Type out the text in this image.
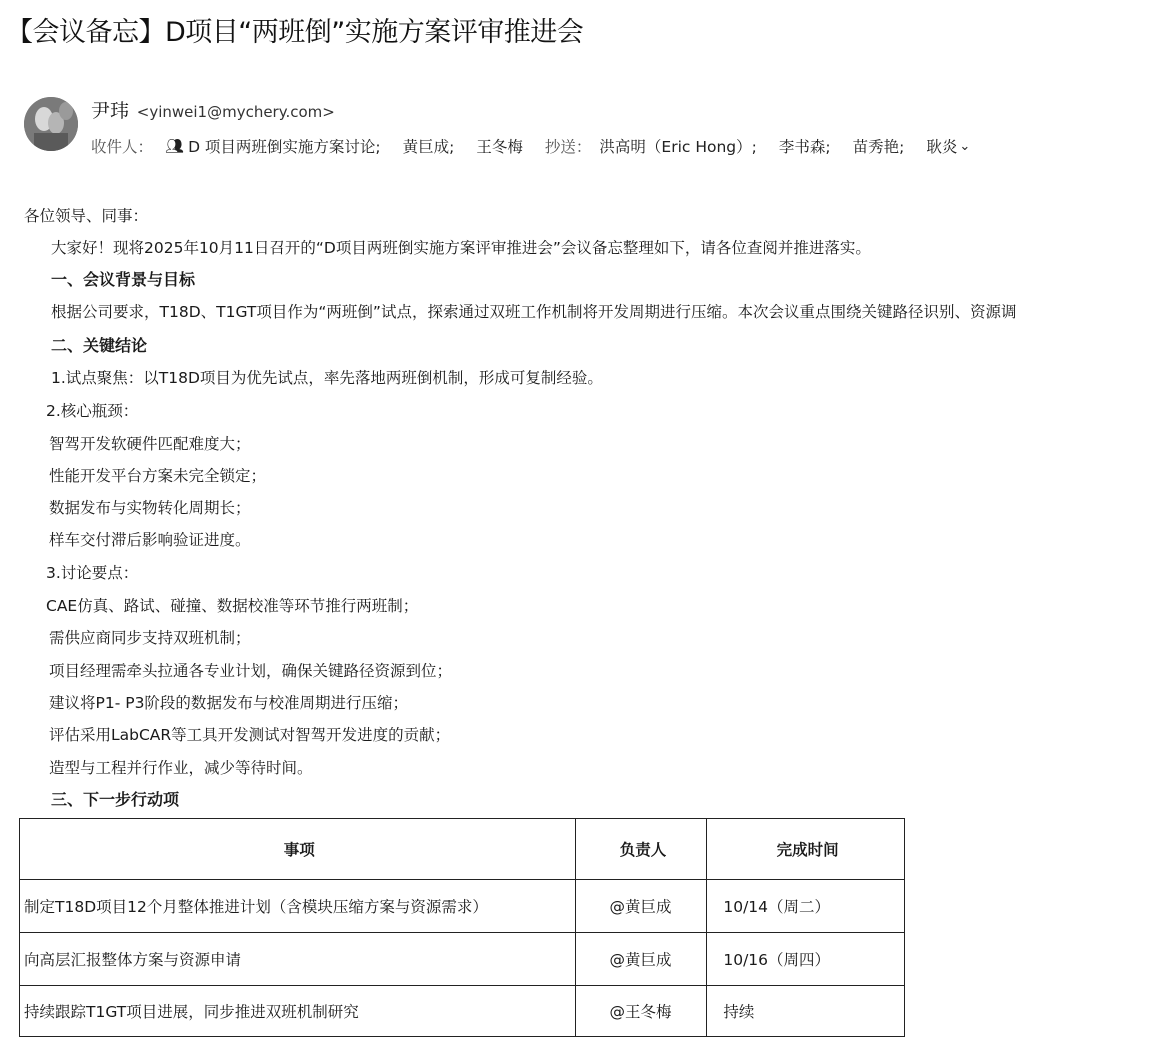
【会议备忘】D项目“两班倒”实施方案评审推进会
尹玮 <yinwei1@mychery.com>
收件人： 👥︎ D 项目两班倒实施方案讨论; 黄巨成; 王冬梅 抄送： 洪高明（Eric Hong）; 李书森; 苗秀艳; 耿炎 ⌄
各位领导、同事：
大家好！现将2025年10月11日召开的“D项目两班倒实施方案评审推进会”会议备忘整理如下，请各位查阅并推进落实。
一、会议背景与目标
根据公司要求，T18D、T1GT项目作为“两班倒”试点，探索通过双班工作机制将开发周期进行压缩。本次会议重点围绕关键路径识别、资源调
二、关键结论
1.试点聚焦：以T18D项目为优先试点，率先落地两班倒机制，形成可复制经验。
2.核心瓶颈：
智驾开发软硬件匹配难度大；
性能开发平台方案未完全锁定；
数据发布与实物转化周期长；
样车交付滞后影响验证进度。
3.讨论要点：
CAE仿真、路试、碰撞、数据校准等环节推行两班制；
需供应商同步支持双班机制；
项目经理需牵头拉通各专业计划，确保关键路径资源到位；
建议将P1- P3阶段的数据发布与校准周期进行压缩；
评估采用LabCAR等工具开发测试对智驾开发进度的贡献；
造型与工程并行作业，减少等待时间。
三、下一步行动项
事项	负责人	完成时间
制定T18D项目12个月整体推进计划（含模块压缩方案与资源需求）	@黄巨成	10/14（周二）
向高层汇报整体方案与资源申请	@黄巨成	10/16（周四）
持续跟踪T1GT项目进展，同步推进双班机制研究	@王冬梅	持续
